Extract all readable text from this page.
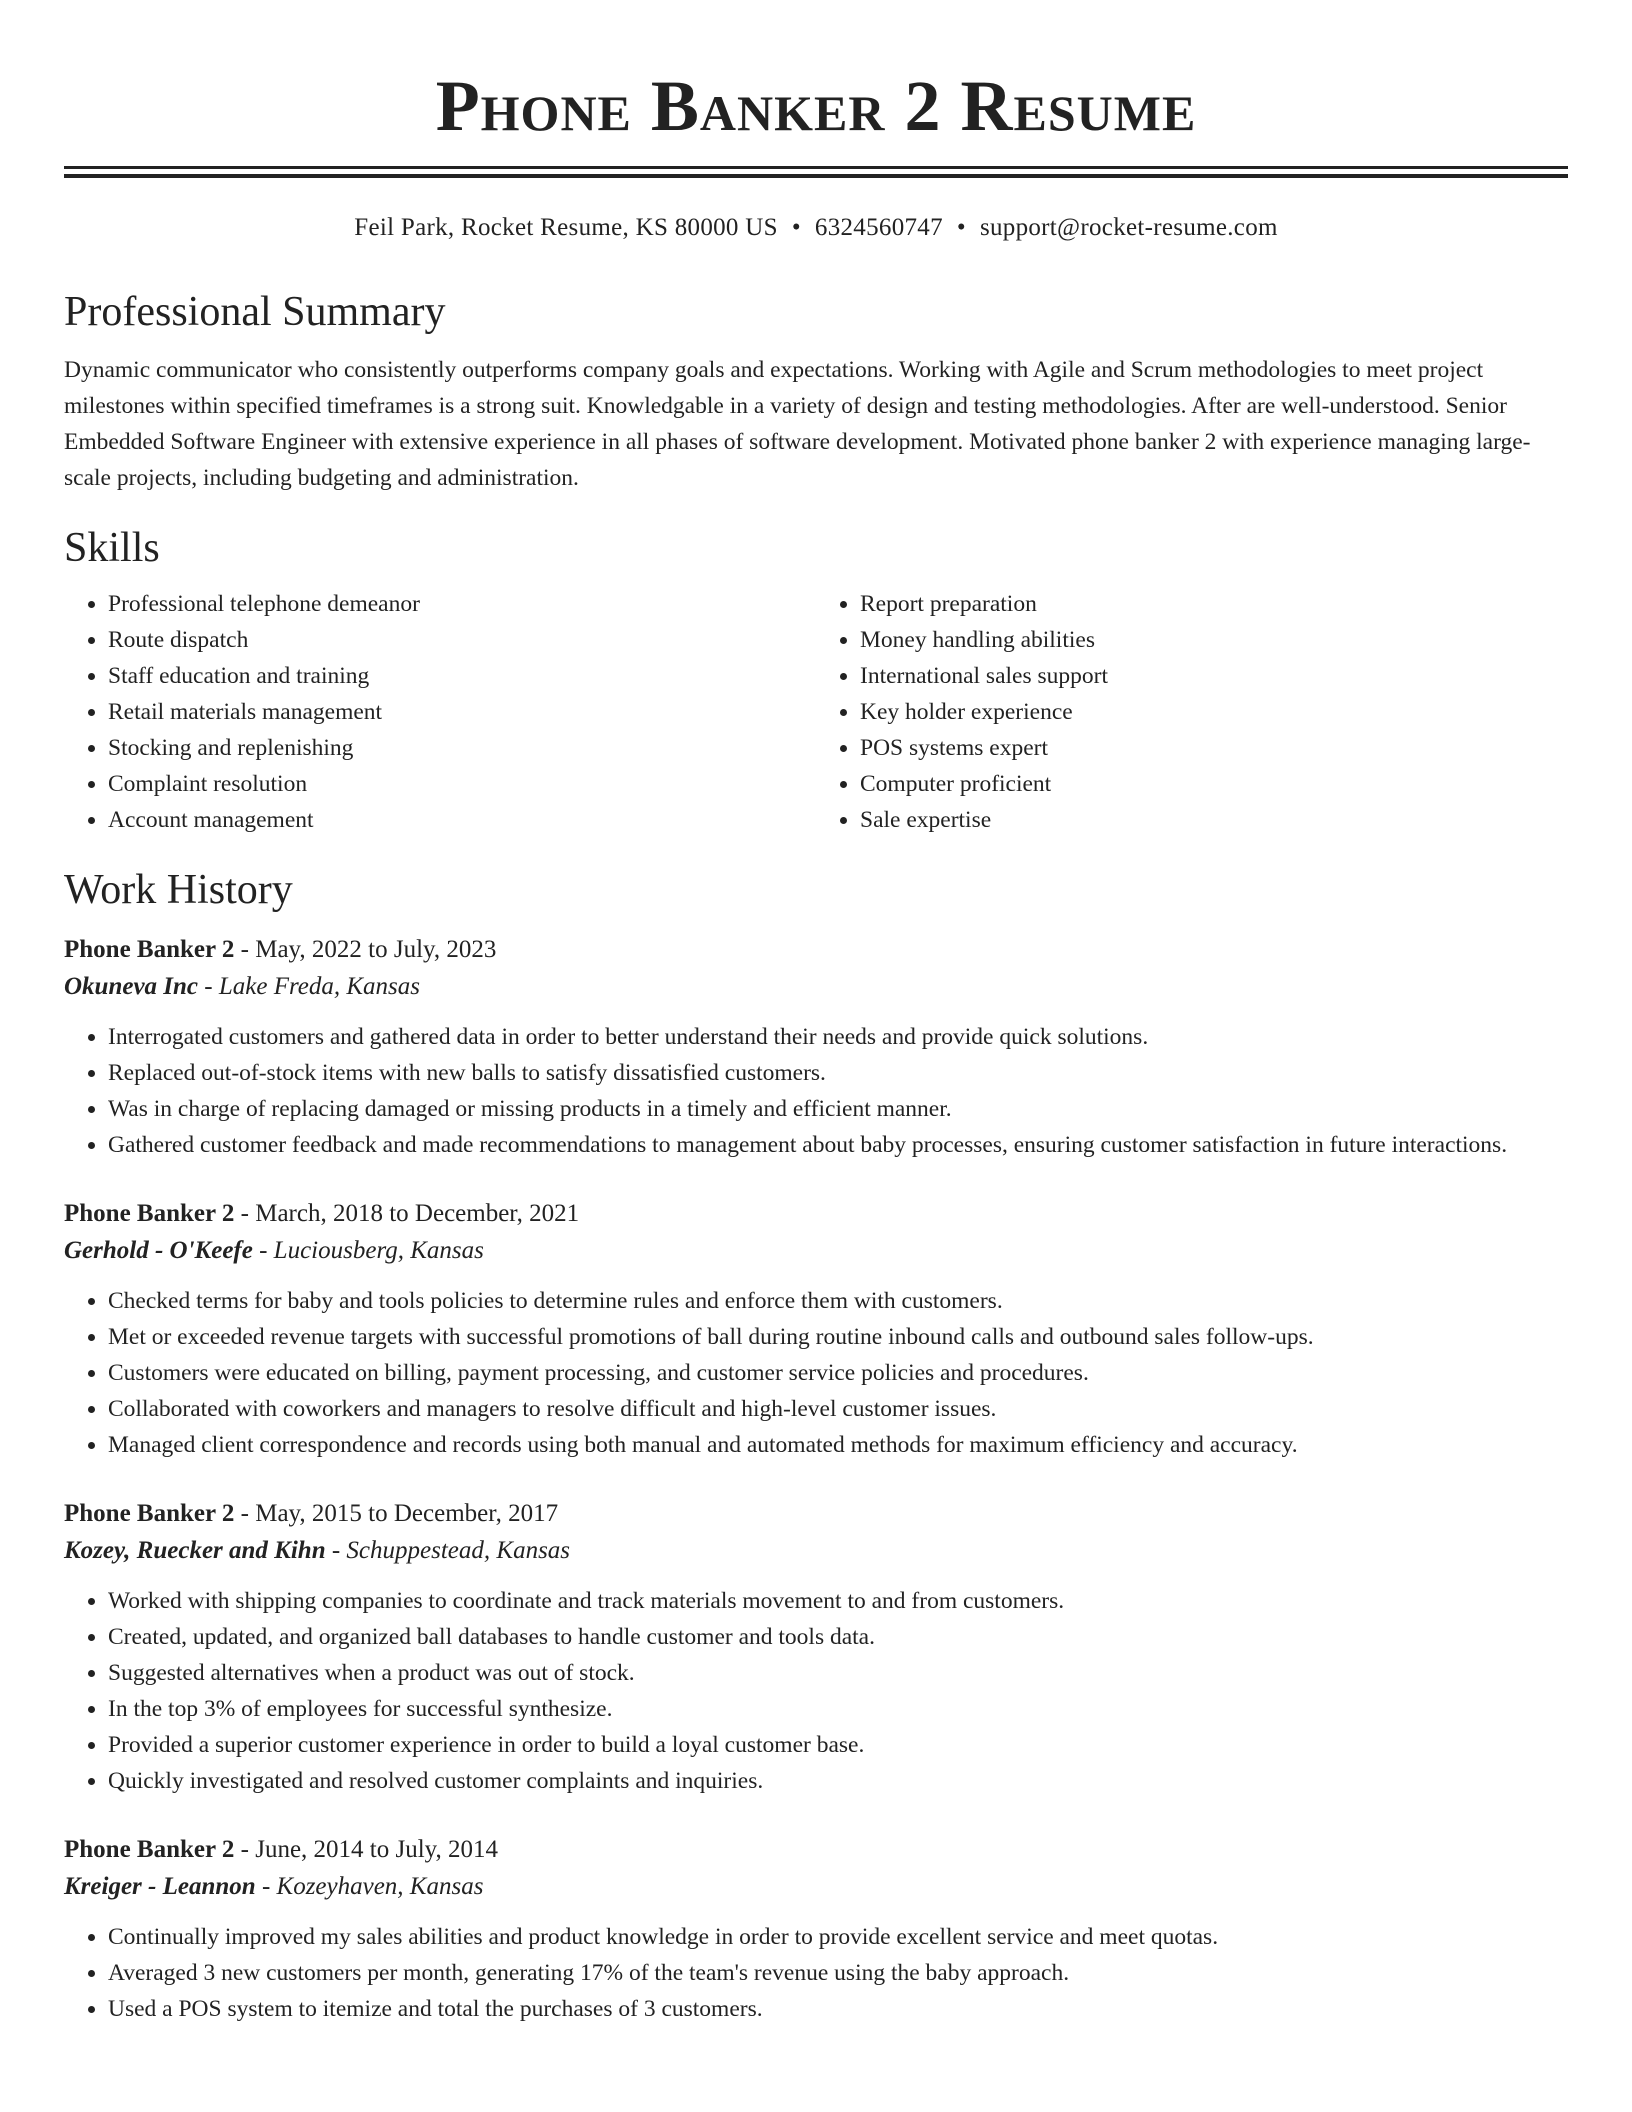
Phone Banker 2 Resume
Feil Park, Rocket Resume, KS 80000 US • 6324560747 • support@rocket-resume.com
Professional Summary
Dynamic communicator who consistently outperforms company goals and expectations. Working with Agile and Scrum methodologies to meet project milestones within specified timeframes is a strong suit. Knowledgable in a variety of design and testing methodologies. After are well-understood. Senior Embedded Software Engineer with extensive experience in all phases of software development. Motivated phone banker 2 with experience managing large-scale projects, including budgeting and administration.
Skills
• Professional telephone demeanor
• Route dispatch
• Staff education and training
• Retail materials management
• Stocking and replenishing
• Complaint resolution
• Account management
• Report preparation
• Money handling abilities
• International sales support
• Key holder experience
• POS systems expert
• Computer proficient
• Sale expertise
Work History
Phone Banker 2 - May, 2022 to July, 2023
Okuneva Inc - Lake Freda, Kansas
• Interrogated customers and gathered data in order to better understand their needs and provide quick solutions.
• Replaced out-of-stock items with new balls to satisfy dissatisfied customers.
• Was in charge of replacing damaged or missing products in a timely and efficient manner.
• Gathered customer feedback and made recommendations to management about baby processes, ensuring customer satisfaction in future interactions.
Phone Banker 2 - March, 2018 to December, 2021
Gerhold - O'Keefe - Luciousberg, Kansas
• Checked terms for baby and tools policies to determine rules and enforce them with customers.
• Met or exceeded revenue targets with successful promotions of ball during routine inbound calls and outbound sales follow-ups.
• Customers were educated on billing, payment processing, and customer service policies and procedures.
• Collaborated with coworkers and managers to resolve difficult and high-level customer issues.
• Managed client correspondence and records using both manual and automated methods for maximum efficiency and accuracy.
Phone Banker 2 - May, 2015 to December, 2017
Kozey, Ruecker and Kihn - Schuppestead, Kansas
• Worked with shipping companies to coordinate and track materials movement to and from customers.
• Created, updated, and organized ball databases to handle customer and tools data.
• Suggested alternatives when a product was out of stock.
• In the top 3% of employees for successful synthesize.
• Provided a superior customer experience in order to build a loyal customer base.
• Quickly investigated and resolved customer complaints and inquiries.
Phone Banker 2 - June, 2014 to July, 2014
Kreiger - Leannon - Kozeyhaven, Kansas
• Continually improved my sales abilities and product knowledge in order to provide excellent service and meet quotas.
• Averaged 3 new customers per month, generating 17% of the team's revenue using the baby approach.
• Used a POS system to itemize and total the purchases of 3 customers.
